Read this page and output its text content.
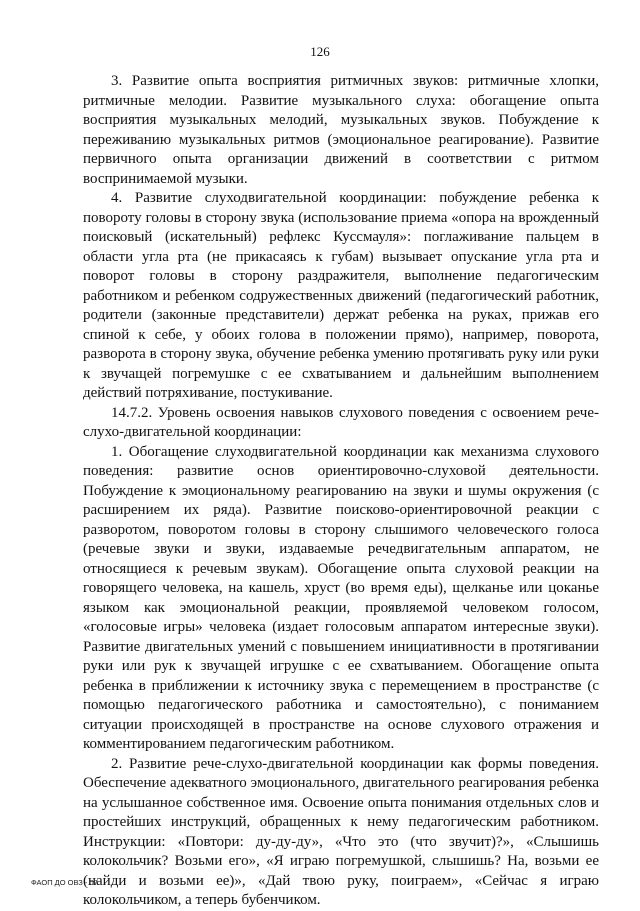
126

3. Развитие опыта восприятия ритмичных звуков: ритмичные хлопки, ритмичные мелодии. Развитие музыкального слуха: обогащение опыта восприятия музыкальных мелодий, музыкальных звуков. Побуждение к переживанию музыкальных ритмов (эмоциональное реагирование). Развитие первичного опыта организации движений в соответствии с ритмом воспринимаемой музыки.

4. Развитие слуходвигательной координации: побуждение ребенка к повороту головы в сторону звука (использование приема «опора на врожденный поисковый (искательный) рефлекс Куссмауля»: поглаживание пальцем в области угла рта (не прикасаясь к губам) вызывает опускание угла рта и поворот головы в сторону раздражителя, выполнение педагогическим работником и ребенком содружественных движений (педагогический работник, родители (законные представители) держат ребенка на руках, прижав его спиной к себе, у обоих голова в положении прямо), например, поворота, разворота в сторону звука, обучение ребенка умению протягивать руку или руки к звучащей погремушке с ее схватыванием и дальнейшим выполнением действий потряхивание, постукивание.

14.7.2. Уровень освоения навыков слухового поведения с освоением рече-слухо-двигательной координации:

1. Обогащение слуходвигательной координации как механизма слухового поведения: развитие основ ориентировочно-слуховой деятельности. Побуждение к эмоциональному реагированию на звуки и шумы окружения (с расширением их ряда). Развитие поисково-ориентировочной реакции с разворотом, поворотом головы в сторону слышимого человеческого голоса (речевые звуки и звуки, издаваемые речедвигательным аппаратом, не относящиеся к речевым звукам). Обогащение опыта слуховой реакции на говорящего человека, на кашель, хруст (во время еды), щелканье или цоканье языком как эмоциональной реакции, проявляемой человеком голосом, «голосовые игры» человека (издает голосовым аппаратом интересные звуки). Развитие двигательных умений с повышением инициативности в протягивании руки или рук к звучащей игрушке с ее схватыванием. Обогащение опыта ребенка в приближении к источнику звука с перемещением в пространстве (с помощью педагогического работника и самостоятельно), с пониманием ситуации происходящей в пространстве на основе слухового отражения и комментированием педагогическим работником.

2. Развитие рече-слухо-двигательной координации как формы поведения. Обеспечение адекватного эмоционального, двигательного реагирования ребенка на услышанное собственное имя. Освоение опыта понимания отдельных слов и простейших инструкций, обращенных к нему педагогическим работником. Инструкции: «Повтори: ду-ду-ду», «Что это (что звучит)?», «Слышишь колокольчик? Возьми его», «Я играю погремушкой, слышишь? На, возьми ее (найди и возьми ее)», «Дай твою руку, поиграем», «Сейчас я играю колокольчиком, а теперь бубенчиком.

ФАОП ДО ОВЗ - 07
